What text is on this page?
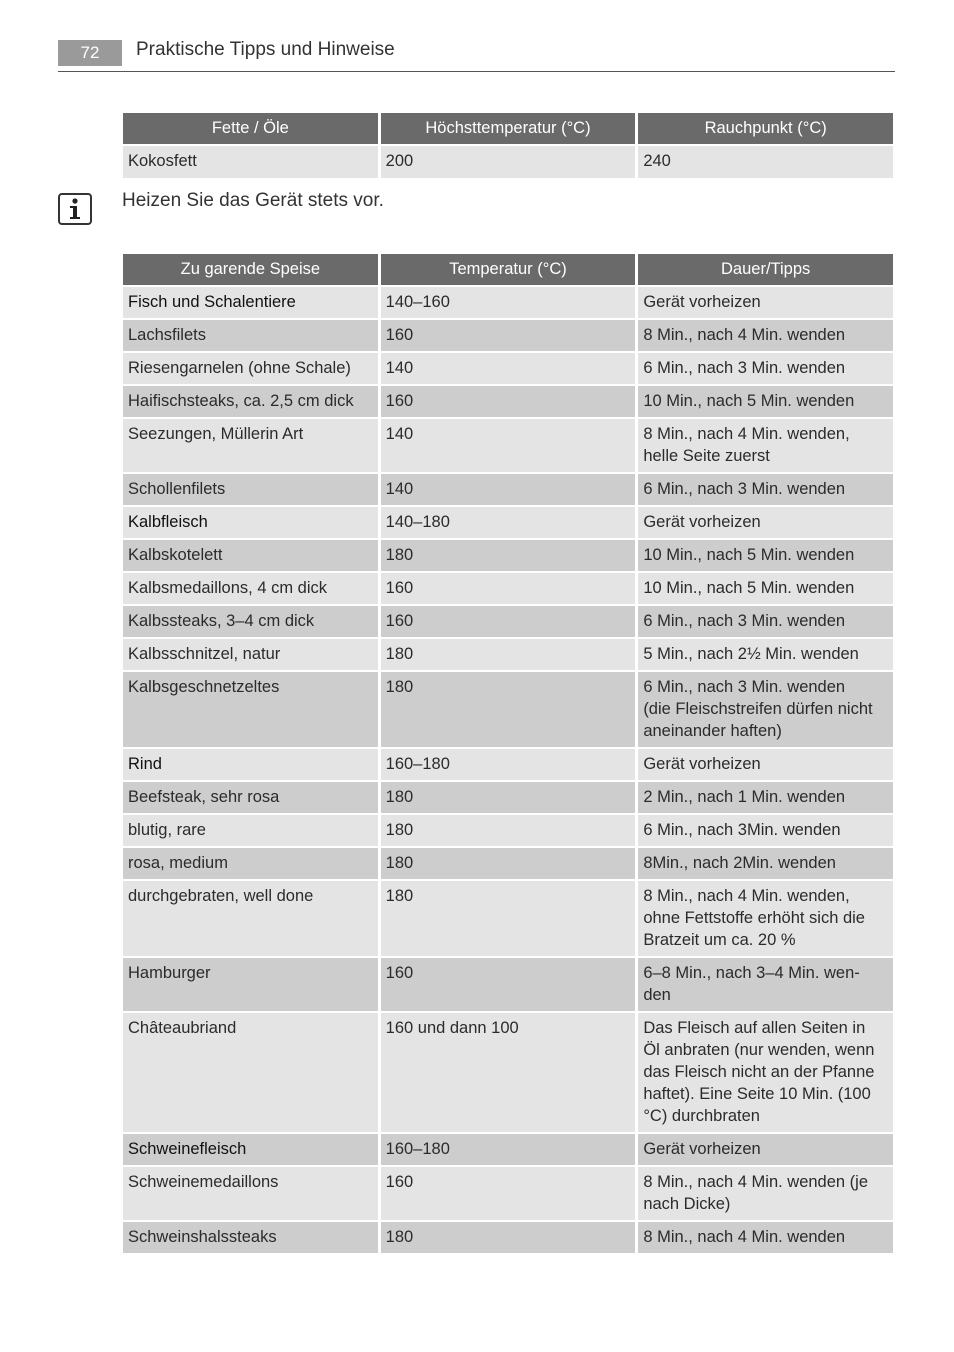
72	Praktische Tipps und Hinweise
Fette / Öle	Höchsttemperatur (°C)	Rauchpunkt (°C)
Kokosfett	200	240
Heizen Sie das Gerät stets vor.
Zu garende Speise	Temperatur (°C)	Dauer/Tipps
Fisch und Schalentiere	140–160	Gerät vorheizen
Lachsfilets	160	8 Min., nach 4 Min. wenden
Riesengarnelen (ohne Schale)	140	6 Min., nach 3 Min. wenden
Haifischsteaks, ca. 2,5 cm dick	160	10 Min., nach 5 Min. wenden
Seezungen, Müllerin Art	140	8 Min., nach 4 Min. wenden,
helle Seite zuerst
Schollenfilets	140	6 Min., nach 3 Min. wenden
Kalbfleisch	140–180	Gerät vorheizen
Kalbskotelett	180	10 Min., nach 5 Min. wenden
Kalbsmedaillons, 4 cm dick	160	10 Min., nach 5 Min. wenden
Kalbssteaks, 3–4 cm dick	160	6 Min., nach 3 Min. wenden
Kalbsschnitzel, natur	180	5 Min., nach 2½ Min. wenden
Kalbsgeschnetzeltes	180	6 Min., nach 3 Min. wenden
(die Fleischstreifen dürfen nicht
aneinander haften)
Rind	160–180	Gerät vorheizen
Beefsteak, sehr rosa	180	2 Min., nach 1 Min. wenden
blutig, rare	180	6 Min., nach 3Min. wenden
rosa, medium	180	8Min., nach 2Min. wenden
durchgebraten, well done	180	8 Min., nach 4 Min. wenden,
ohne Fettstoffe erhöht sich die
Bratzeit um ca. 20 %
Hamburger	160	6–8 Min., nach 3–4 Min. wen-
den
Châteaubriand	160 und dann 100	Das Fleisch auf allen Seiten in
Öl anbraten (nur wenden, wenn
das Fleisch nicht an der Pfanne
haftet). Eine Seite 10 Min. (100
°C) durchbraten
Schweinefleisch	160–180	Gerät vorheizen
Schweinemedaillons	160	8 Min., nach 4 Min. wenden (je
nach Dicke)
Schweinshalssteaks	180	8 Min., nach 4 Min. wenden
